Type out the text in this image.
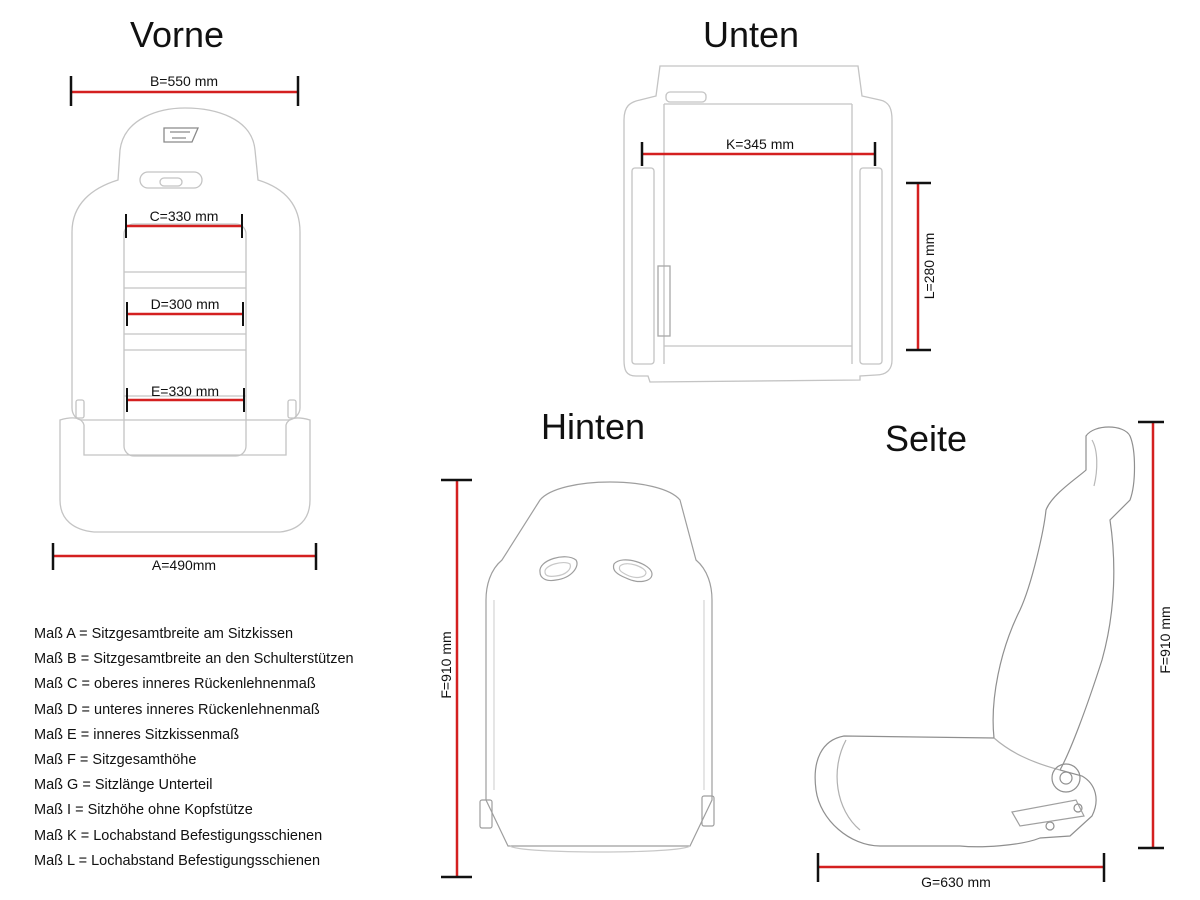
Vorne	Unten
Hinten	Seite
B=550 mm
C=330 mm
D=300 mm
E=330 mm
A=490mm
K=345 mm
L=280 mm
F=910 mm	F=910 mm
G=630 mm
Maß A = Sitzgesamtbreite am Sitzkissen
Maß B = Sitzgesamtbreite an den Schulterstützen
Maß C = oberes inneres Rückenlehnenmaß
Maß D = unteres inneres Rückenlehnenmaß
Maß E = inneres Sitzkissenmaß
Maß F = Sitzgesamthöhe
Maß G = Sitzlänge Unterteil
Maß I = Sitzhöhe ohne Kopfstütze
Maß K = Lochabstand Befestigungsschienen
Maß L = Lochabstand Befestigungsschienen
